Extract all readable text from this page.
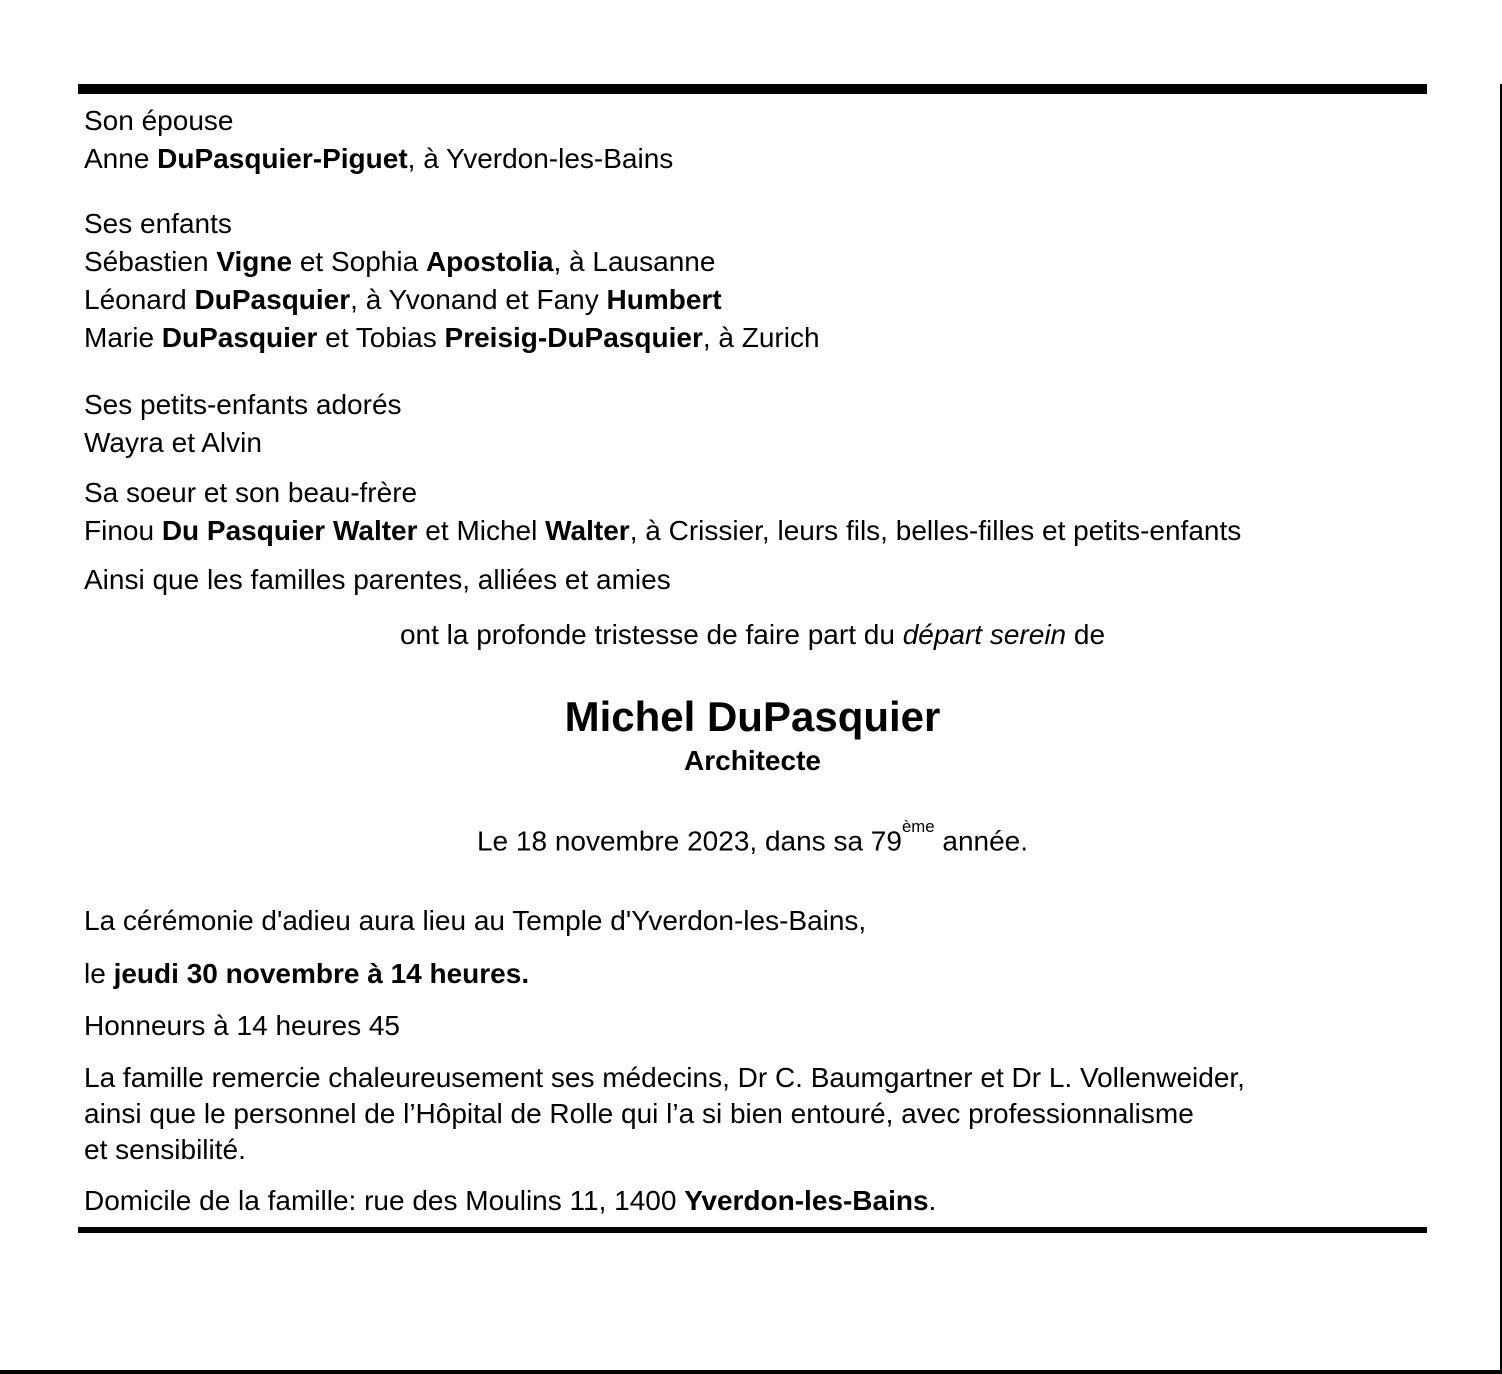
Son épouse
Anne DuPasquier-Piguet, à Yverdon-les-Bains
Ses enfants
Sébastien Vigne et Sophia Apostolia, à Lausanne
Léonard DuPasquier, à Yvonand et Fany Humbert
Marie DuPasquier et Tobias Preisig-DuPasquier, à Zurich
Ses petits-enfants adorés
Wayra et Alvin
Sa soeur et son beau-frère
Finou Du Pasquier Walter et Michel Walter, à Crissier, leurs fils, belles-filles et petits-enfants
Ainsi que les familles parentes, alliées et amies
ont la profonde tristesse de faire part du départ serein de
Michel DuPasquier
Architecte
Le 18 novembre 2023, dans sa 79ème année.
La cérémonie d'adieu aura lieu au Temple d'Yverdon-les-Bains,
le jeudi 30 novembre à 14 heures.
Honneurs à 14 heures 45
La famille remercie chaleureusement ses médecins, Dr C. Baumgartner et Dr L. Vollenweider,
ainsi que le personnel de l’Hôpital de Rolle qui l’a si bien entouré, avec professionnalisme
et sensibilité.
Domicile de la famille: rue des Moulins 11, 1400 Yverdon-les-Bains.
